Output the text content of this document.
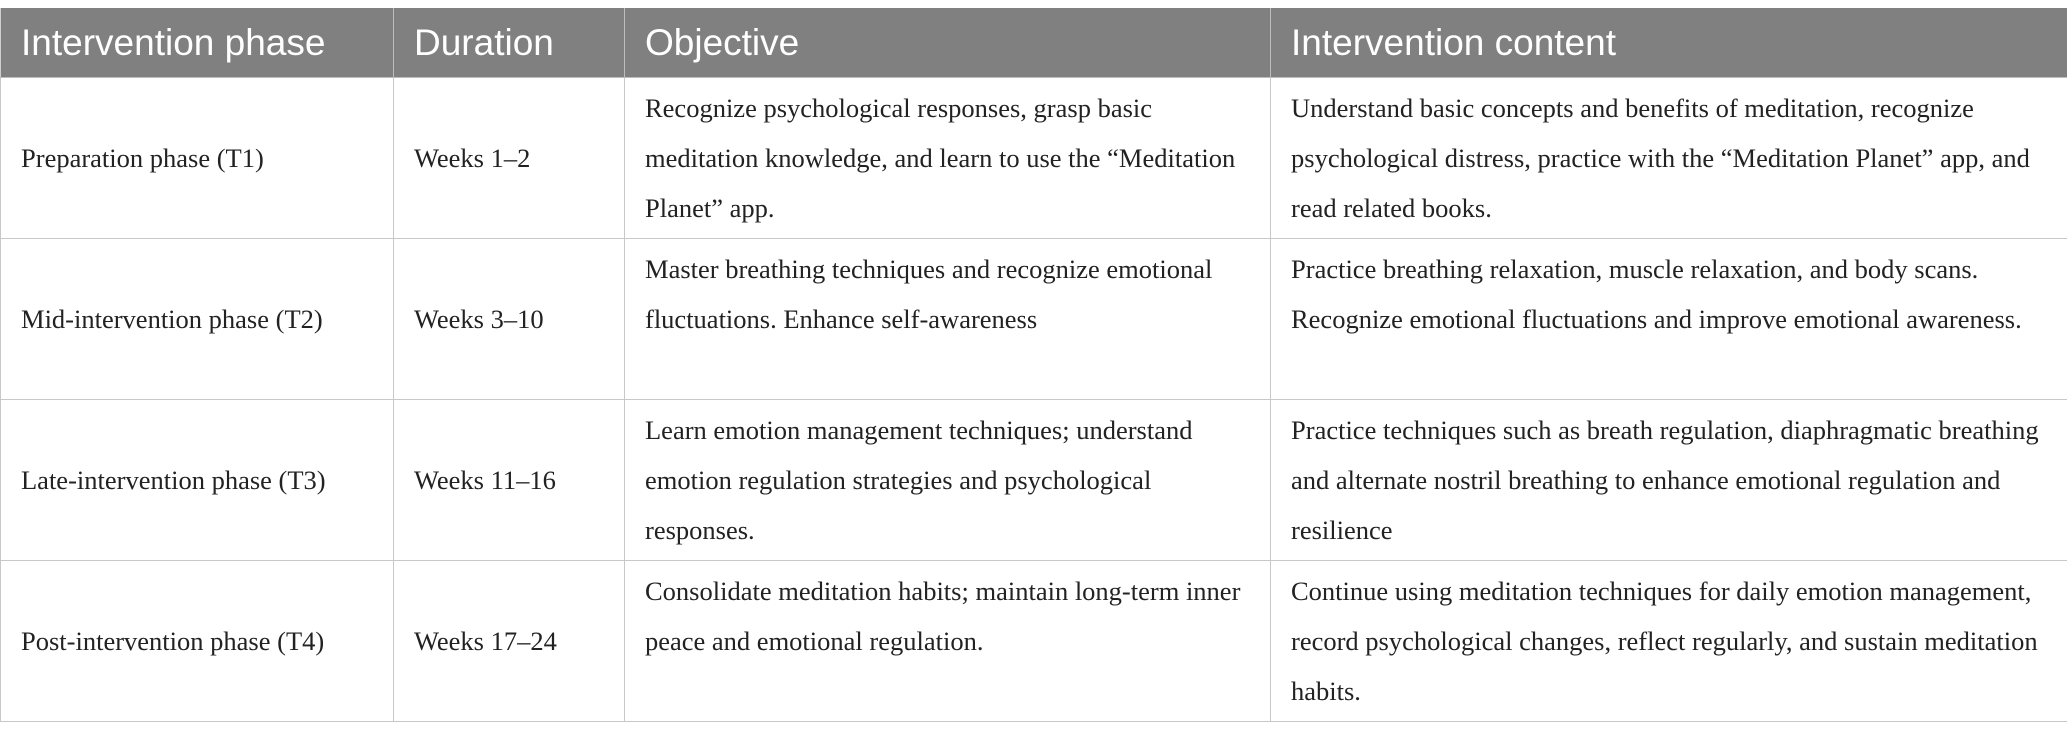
Intervention phase	Duration	Objective	Intervention content
Preparation phase (T1)	Weeks 1–2	Recognize psychological responses, grasp basic meditation knowledge, and learn to use the “Meditation Planet” app.	Understand basic concepts and benefits of meditation, recognize psychological distress, practice with the “Meditation Planet” app, and read related books.
Mid-intervention phase (T2)	Weeks 3–10	Master breathing techniques and recognize emotional fluctuations. Enhance self-awareness	Practice breathing relaxation, muscle relaxation, and body scans. Recognize emotional fluctuations and improve emotional awareness.
Late-intervention phase (T3)	Weeks 11–16	Learn emotion management techniques; understand emotion regulation strategies and psychological responses.	Practice techniques such as breath regulation, diaphragmatic breathing and alternate nostril breathing to enhance emotional regulation and resilience
Post-intervention phase (T4)	Weeks 17–24	Consolidate meditation habits; maintain long-term inner peace and emotional regulation.	Continue using meditation techniques for daily emotion management, record psychological changes, reflect regularly, and sustain meditation habits.
